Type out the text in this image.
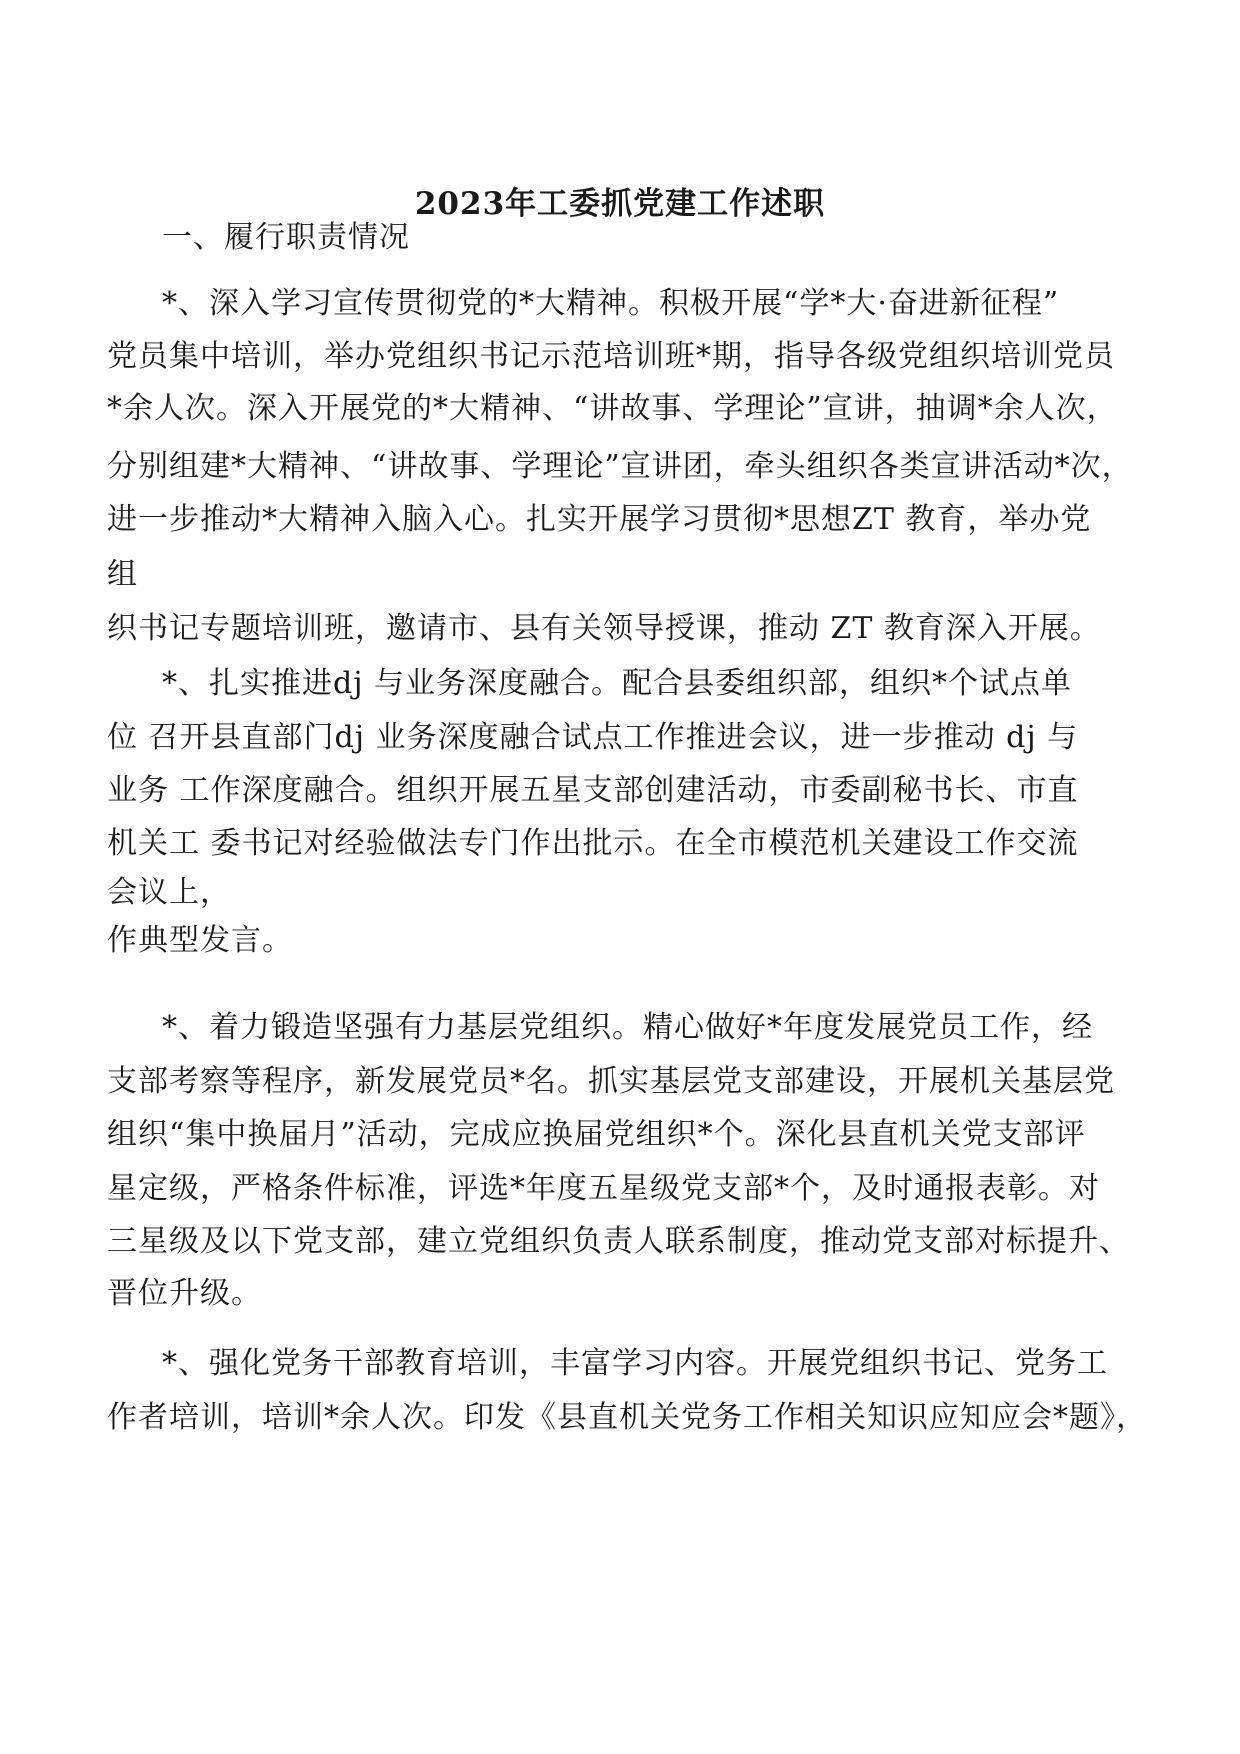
2023年工委抓党建工作述职
一、履行职责情况
*、深入学习宣传贯彻党的*大精神。积极开展“学*大·奋进新征程”
党员集中培训，举办党组织书记示范培训班*期，指导各级党组织培训党员
*余人次。深入开展党的*大精神、“讲故事、学理论”宣讲，抽调*余人次，
分别组建*大精神、“讲故事、学理论”宣讲团，牵头组织各类宣讲活动*次，
进一步推动*大精神入脑入心。扎实开展学习贯彻*思想ZT 教育，举办党
组
织书记专题培训班，邀请市、县有关领导授课，推动 ZT 教育深入开展。
*、扎实推进dj 与业务深度融合。配合县委组织部，组织*个试点单
位 召开县直部门dj 业务深度融合试点工作推进会议，进一步推动 dj 与
业务 工作深度融合。组织开展五星支部创建活动，市委副秘书长、市直
机关工 委书记对经验做法专门作出批示。在全市模范机关建设工作交流
会议上，
作典型发言。
*、着力锻造坚强有力基层党组织。精心做好*年度发展党员工作，经
支部考察等程序，新发展党员*名。抓实基层党支部建设，开展机关基层党
组织“集中换届月”活动，完成应换届党组织*个。深化县直机关党支部评
星定级，严格条件标准，评选*年度五星级党支部*个，及时通报表彰。对
三星级及以下党支部，建立党组织负责人联系制度，推动党支部对标提升、
晋位升级。
*、强化党务干部教育培训，丰富学习内容。开展党组织书记、党务工
作者培训，培训*余人次。印发《县直机关党务工作相关知识应知应会*题》，
